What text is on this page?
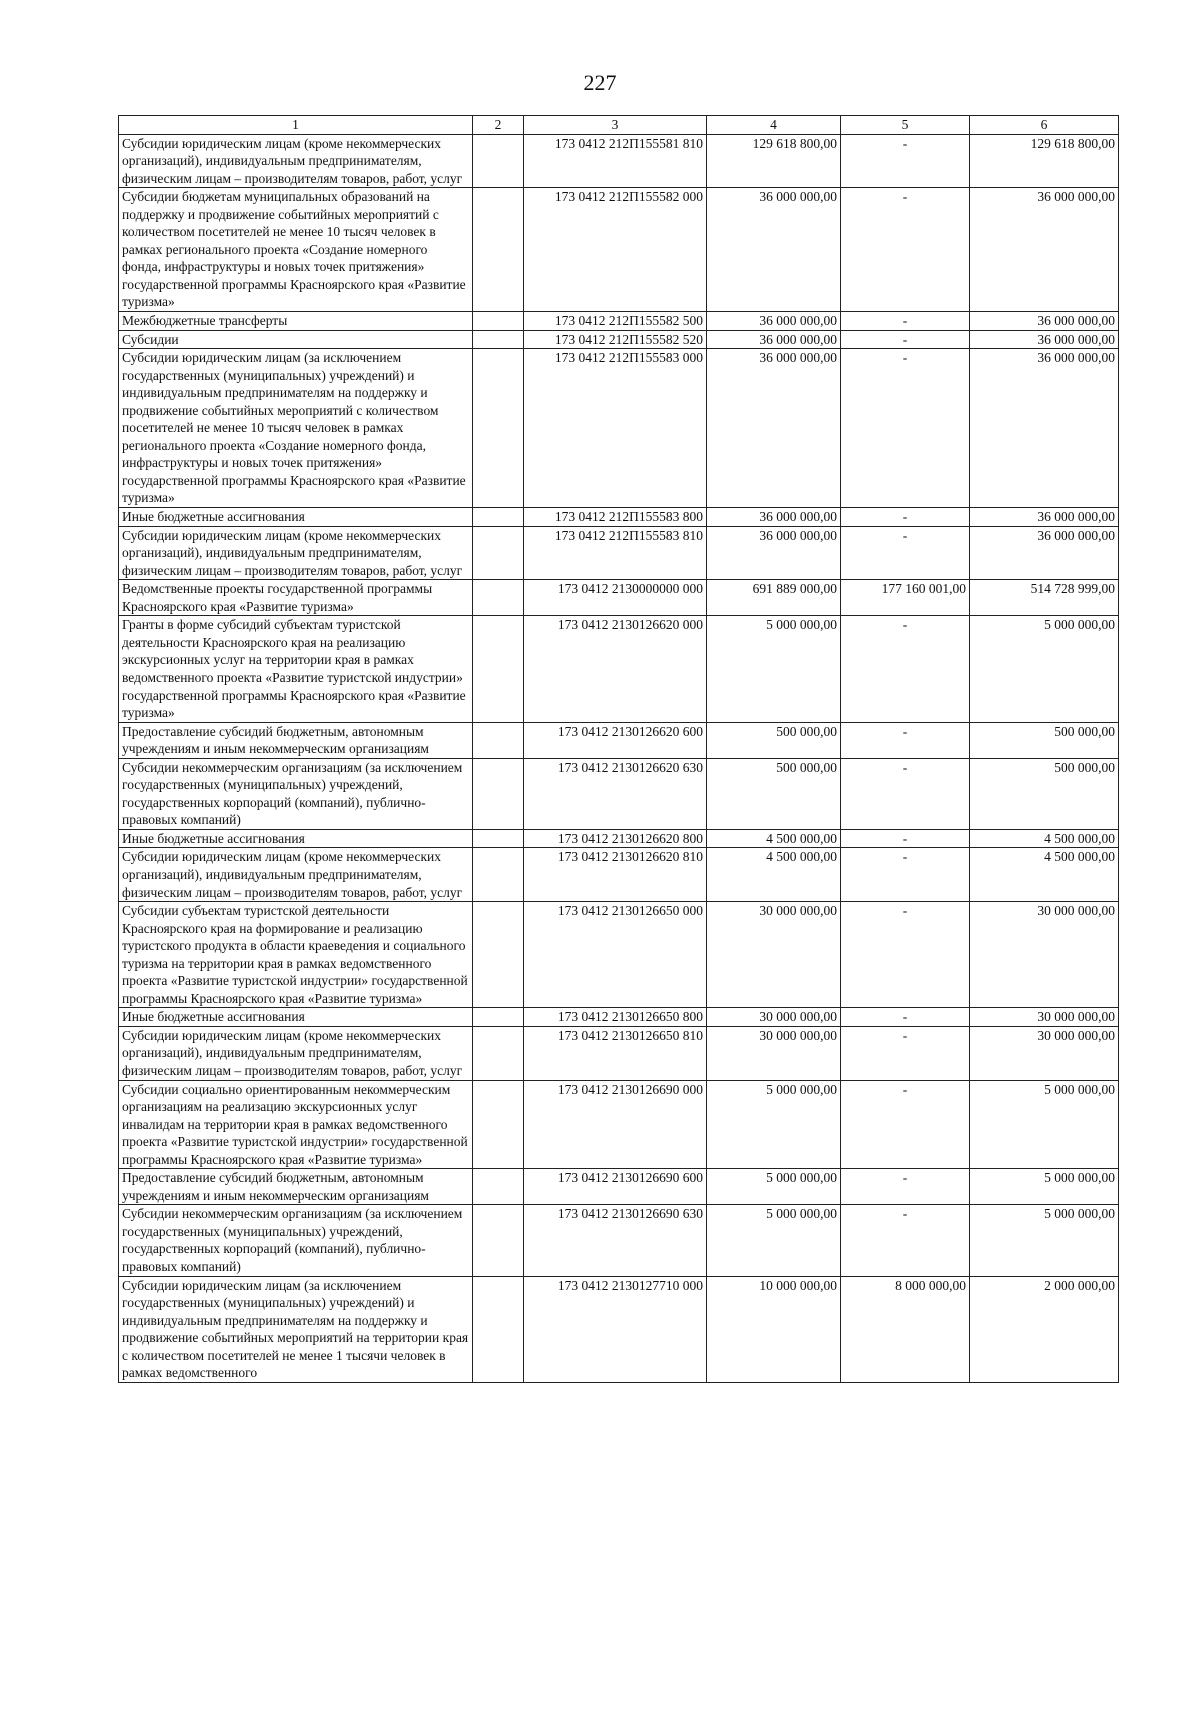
227
1	2	3	4	5	6
Субсидии юридическим лицам (кроме некоммерческих организаций), индивидуальным предпринимателям, физическим лицам – производителям товаров, работ, услуг		173 0412 212П155581 810	129 618 800,00	-	129 618 800,00
Субсидии бюджетам муниципальных образований на поддержку и продвижение событийных мероприятий с количеством посетителей не менее 10 тысяч человек в рамках регионального проекта «Создание номерного фонда, инфраструктуры и новых точек притяжения» государственной программы Красноярского края «Развитие туризма»		173 0412 212П155582 000	36 000 000,00	-	36 000 000,00
Межбюджетные трансферты		173 0412 212П155582 500	36 000 000,00	-	36 000 000,00
Субсидии		173 0412 212П155582 520	36 000 000,00	-	36 000 000,00
Субсидии юридическим лицам (за исключением государственных (муниципальных) учреждений) и индивидуальным предпринимателям на поддержку и продвижение событийных мероприятий с количеством посетителей не менее 10 тысяч человек в рамках регионального проекта «Создание номерного фонда, инфраструктуры и новых точек притяжения» государственной программы Красноярского края «Развитие туризма»		173 0412 212П155583 000	36 000 000,00	-	36 000 000,00
Иные бюджетные ассигнования		173 0412 212П155583 800	36 000 000,00	-	36 000 000,00
Субсидии юридическим лицам (кроме некоммерческих организаций), индивидуальным предпринимателям, физическим лицам – производителям товаров, работ, услуг		173 0412 212П155583 810	36 000 000,00	-	36 000 000,00
Ведомственные проекты государственной программы Красноярского края «Развитие туризма»		173 0412 2130000000 000	691 889 000,00	177 160 001,00	514 728 999,00
Гранты в форме субсидий субъектам туристской деятельности Красноярского края на реализацию экскурсионных услуг на территории края в рамках ведомственного проекта «Развитие туристской индустрии» государственной программы Красноярского края «Развитие туризма»		173 0412 2130126620 000	5 000 000,00	-	5 000 000,00
Предоставление субсидий бюджетным, автономным учреждениям и иным некоммерческим организациям		173 0412 2130126620 600	500 000,00	-	500 000,00
Субсидии некоммерческим организациям (за исключением государственных (муниципальных) учреждений, государственных корпораций (компаний), публично-правовых компаний)		173 0412 2130126620 630	500 000,00	-	500 000,00
Иные бюджетные ассигнования		173 0412 2130126620 800	4 500 000,00	-	4 500 000,00
Субсидии юридическим лицам (кроме некоммерческих организаций), индивидуальным предпринимателям, физическим лицам – производителям товаров, работ, услуг		173 0412 2130126620 810	4 500 000,00	-	4 500 000,00
Субсидии субъектам туристской деятельности Красноярского края на формирование и реализацию туристского продукта в области краеведения и социального туризма на территории края в рамках ведомственного проекта «Развитие туристской индустрии» государственной программы Красноярского края «Развитие туризма»		173 0412 2130126650 000	30 000 000,00	-	30 000 000,00
Иные бюджетные ассигнования		173 0412 2130126650 800	30 000 000,00	-	30 000 000,00
Субсидии юридическим лицам (кроме некоммерческих организаций), индивидуальным предпринимателям, физическим лицам – производителям товаров, работ, услуг		173 0412 2130126650 810	30 000 000,00	-	30 000 000,00
Субсидии социально ориентированным некоммерческим организациям на реализацию экскурсионных услуг инвалидам на территории края в рамках ведомственного проекта «Развитие туристской индустрии» государственной программы Красноярского края «Развитие туризма»		173 0412 2130126690 000	5 000 000,00	-	5 000 000,00
Предоставление субсидий бюджетным, автономным учреждениям и иным некоммерческим организациям		173 0412 2130126690 600	5 000 000,00	-	5 000 000,00
Субсидии некоммерческим организациям (за исключением государственных (муниципальных) учреждений, государственных корпораций (компаний), публично-правовых компаний)		173 0412 2130126690 630	5 000 000,00	-	5 000 000,00
Субсидии юридическим лицам (за исключением государственных (муниципальных) учреждений) и индивидуальным предпринимателям на поддержку и продвижение событийных мероприятий на территории края с количеством посетителей не менее 1 тысячи человек в рамках ведомственного		173 0412 2130127710 000	10 000 000,00	8 000 000,00	2 000 000,00
